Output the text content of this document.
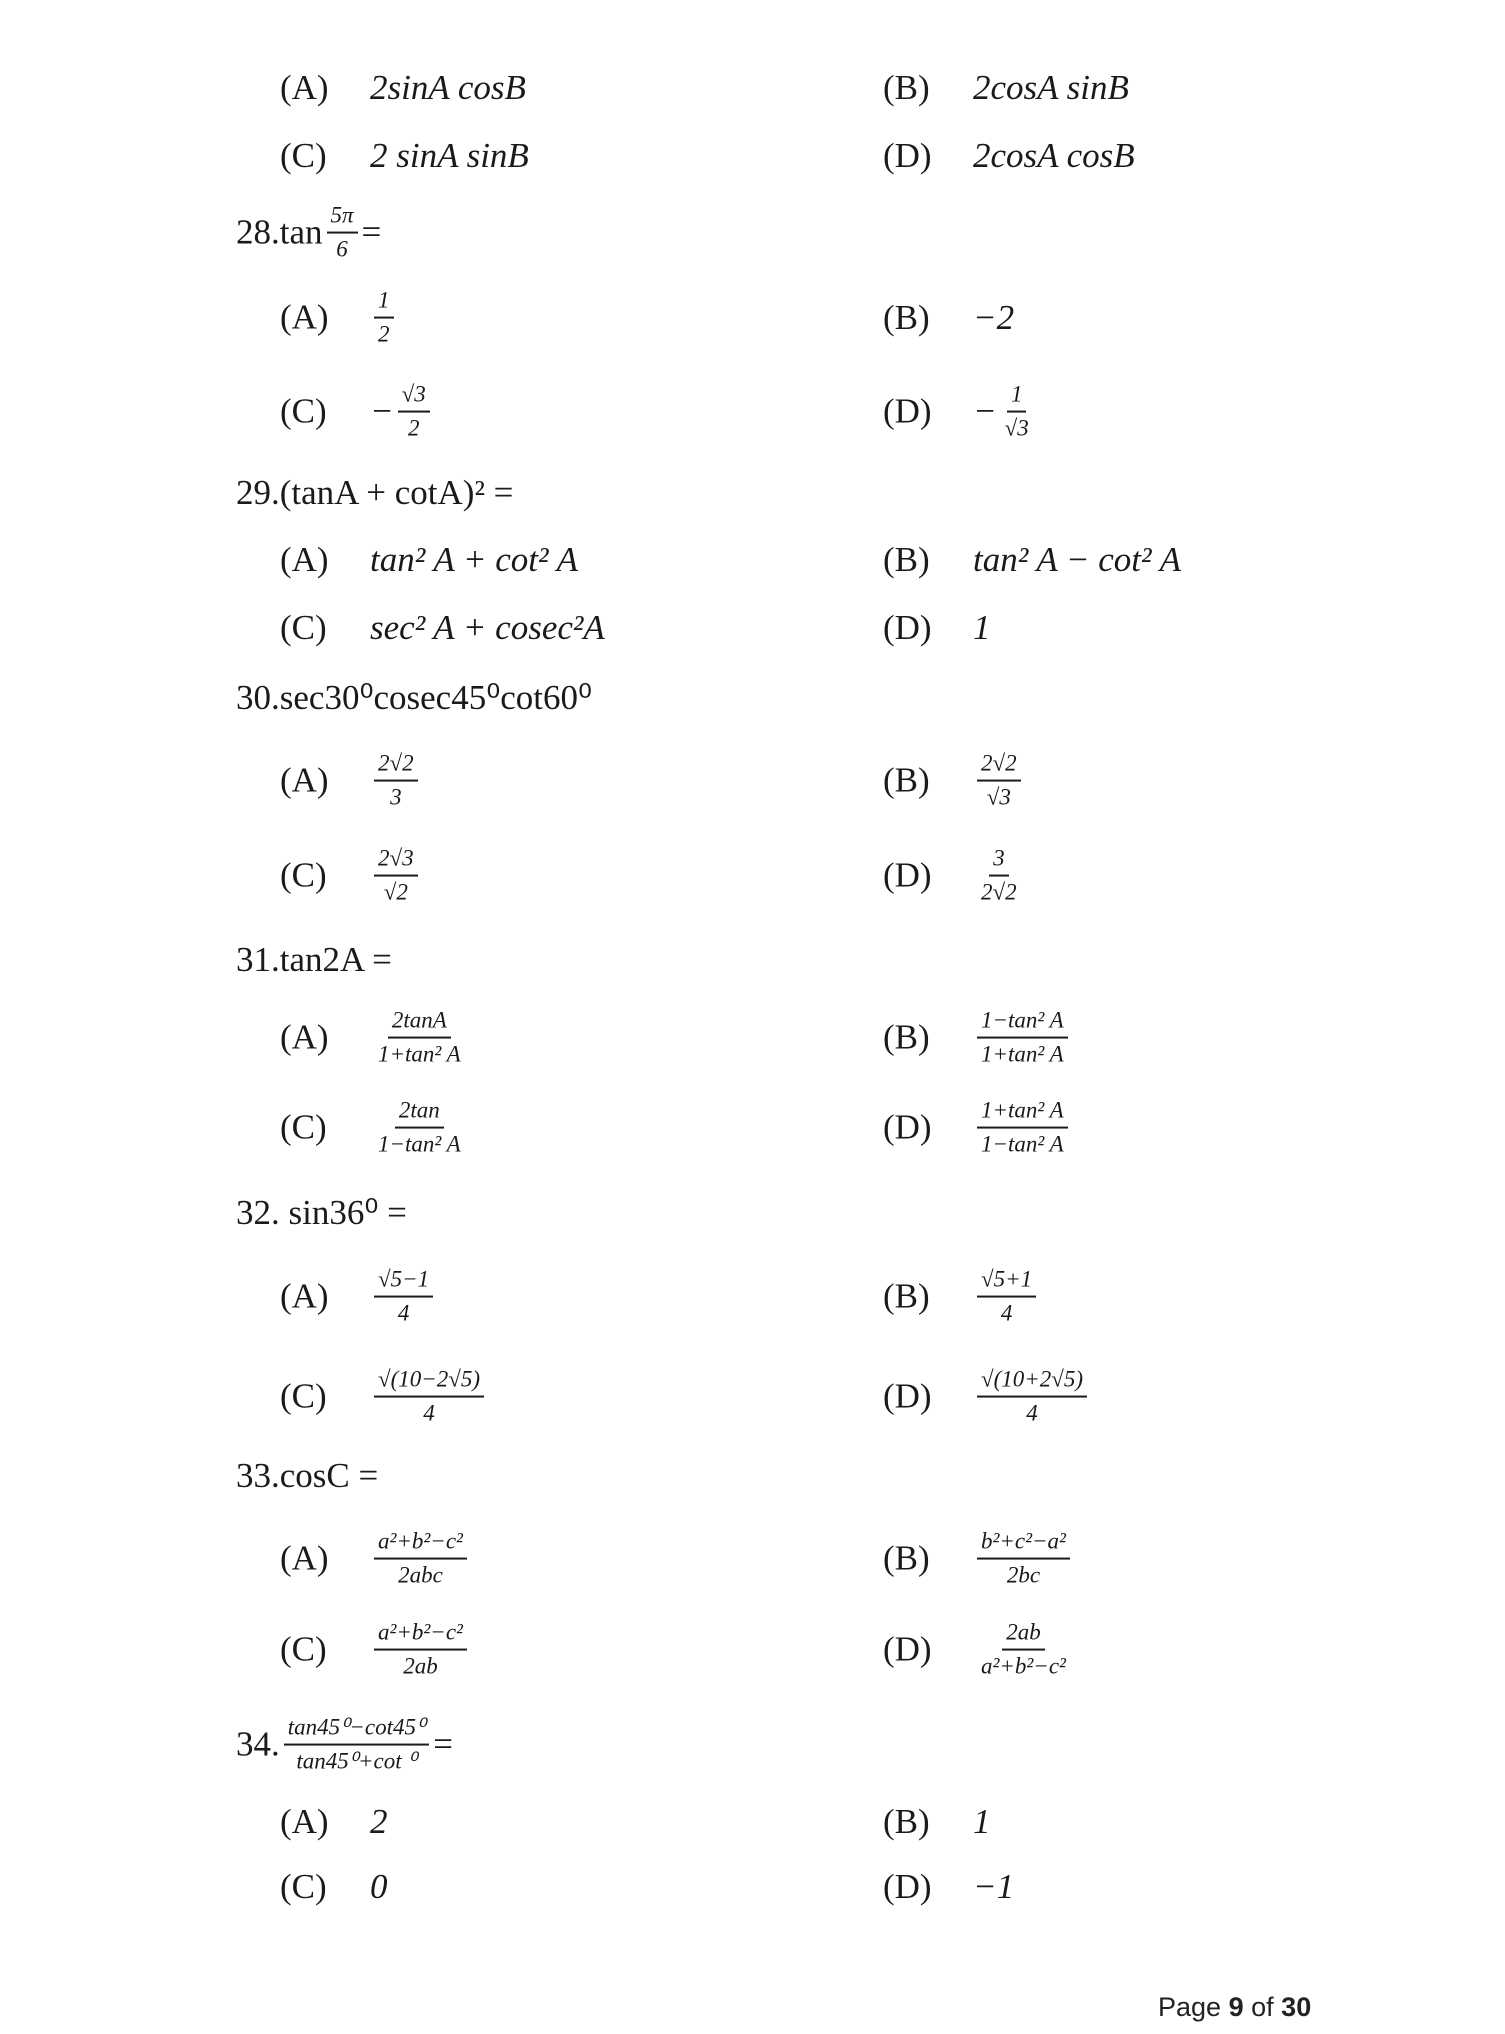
(A)	2sinA cosB	(B)	2cosA sinB
(C)	2 sinA sinB	(D)	2cosA cosB
$28.\tan \frac{5\pi}{6}$ =
(A)	$\frac{1}{2}$	(B)	−2
(C)	− $\frac{√3}{2}$	(D)	− $\frac{1}{√3}$
29.(tanA + cotA)² =
(A)	tan² A + cot² A	(B)	tan² A − cot² A
(C)	sec² A + cosec²A	(D)	1
30.sec30⁰cosec45⁰cot60⁰
(A)	$\frac{2√2}{3}$	(B)	$\frac{2√2}{√3}$
(C)	$\frac{2√3}{√2}$	(D)	$\frac{3}{2√2}$
31.tan2A =
(A)	$\frac{2\tan A}{\text{1+tan² A}}$	(B)	$\frac{\text{1−tan² A}}{\text{1+tan² A}}$
(C)	$\frac{2\tan}{\text{1−tan² A}}$	(D)	$\frac{\text{1+tan² A}}{\text{1−tan² A}}$
32. sin36⁰ =
(A)	$\frac{√5-1}{4}$	(B)	$\frac{√5+1}{4}$
(C)	$\frac{√(10-2√5)}{4}$	(D)	$\frac{√(10+2√5)}{4}$
33.cosC =
(A)	$\frac{\text{a²+b²−c²}}{\text{2abc}}$	(B)	$\frac{\text{b²+c²−a²}}{2bc}$
(C)	$\frac{\text{a²+b²−c²}}{2ab}$	(D)	$\frac{2ab}{\text{a²+b²−c²}}$
34. $\frac{\text{tan45⁰−cot45⁰}}{\text{tan45⁰+cot ⁰}}$ =
(A)	2	(B)	1
(C)	0	(D)	−1
Page 9 of 30
